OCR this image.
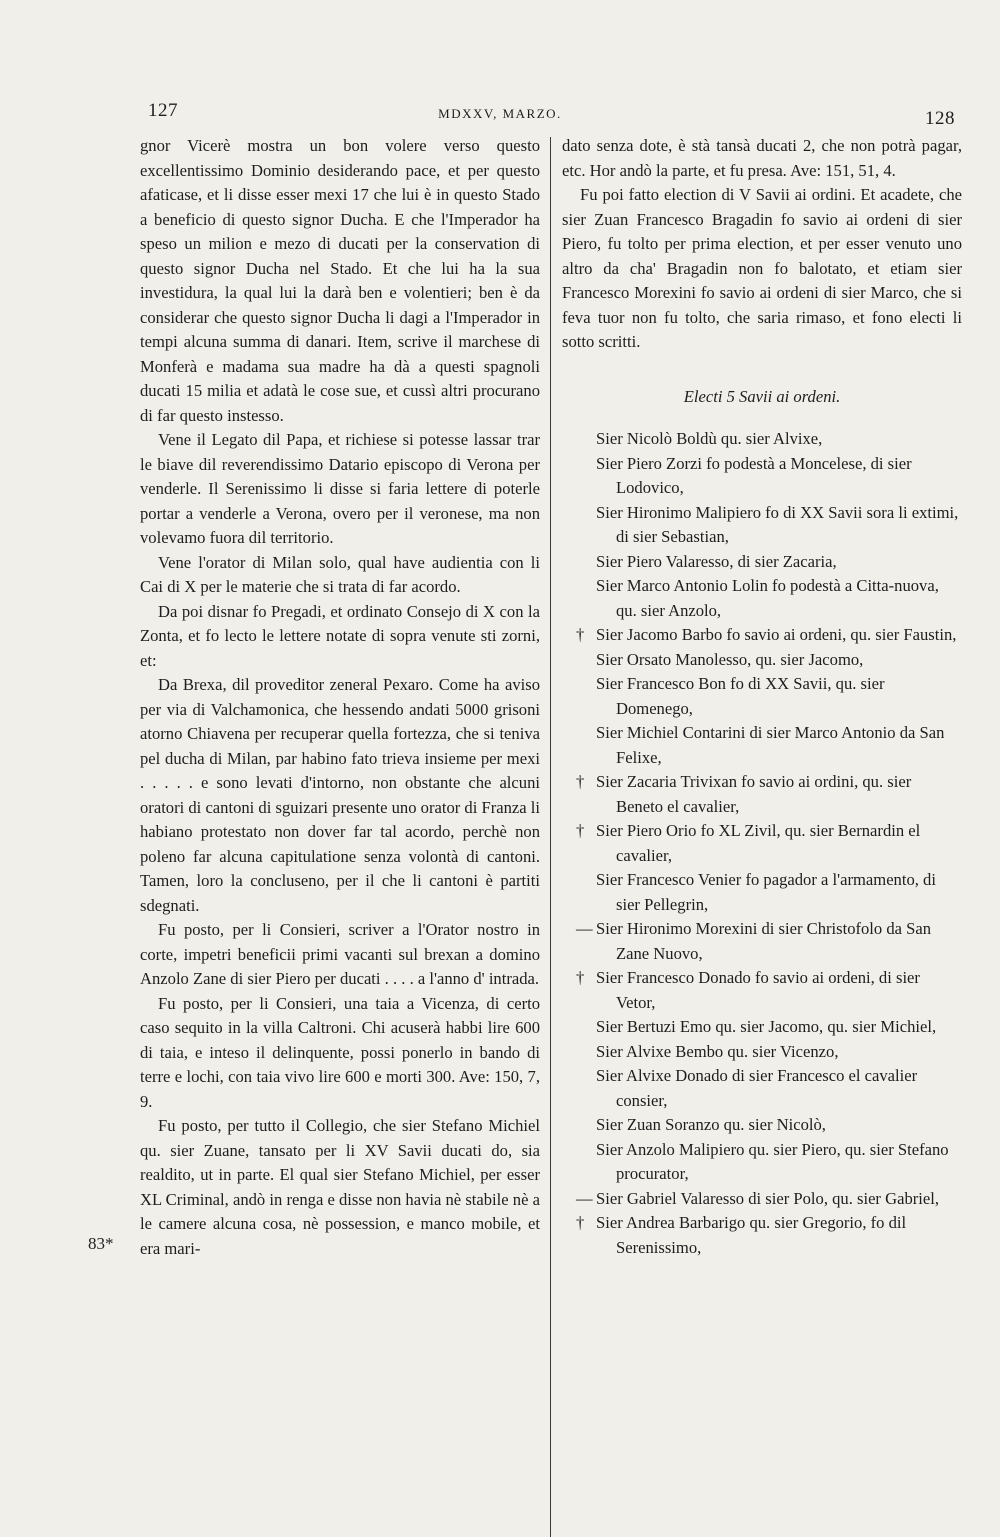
127	MDXXV, MARZO.	128
83*

gnor Vicerè mostra un bon volere verso questo excellentissimo Dominio desiderando pace, et per questo afaticase, et li disse esser mexi 17 che lui è in questo Stado a beneficio di questo signor Ducha. E che l'Imperador ha speso un milion e mezo di ducati per la conservation di questo signor Ducha nel Stado. Et che lui ha la sua investidura, la qual lui la darà ben e volentieri; ben è da considerar che questo signor Ducha li dagi a l'Imperador in tempi alcuna summa di danari. Item, scrive il marchese di Monferà e madama sua madre ha dà a questi spagnoli ducati 15 milia et adatà le cose sue, et cussì altri procurano di far questo instesso.

Vene il Legato dil Papa, et richiese si potesse lassar trar le biave dil reverendissimo Datario episcopo di Verona per venderle. Il Serenissimo li disse si faria lettere di poterle portar a venderle a Verona, overo per il veronese, ma non volevamo fuora dil territorio.

Vene l'orator di Milan solo, qual have audientia con li Cai di X per le materie che si trata di far acordo.

Da poi disnar fo Pregadi, et ordinato Consejo di X con la Zonta, et fo lecto le lettere notate di sopra venute sti zorni, et:

Da Brexa, dil proveditor zeneral Pexaro. Come ha aviso per via di Valchamonica, che hessendo andati 5000 grisoni atorno Chiavena per recuperar quella fortezza, che si teniva pel ducha di Milan, par habino fato trieva insieme per mexi . . . . . e sono levati d'intorno, non obstante che alcuni oratori di cantoni di sguizari presente uno orator di Franza li habiano protestato non dover far tal acordo, perchè non poleno far alcuna capitulatione senza volontà di cantoni. Tamen, loro la concluseno, per il che li cantoni è partiti sdegnati.

Fu posto, per li Consieri, scriver a l'Orator nostro in corte, impetri beneficii primi vacanti sul brexan a domino Anzolo Zane di sier Piero per ducati . . . . a l'anno d' intrada.

Fu posto, per li Consieri, una taia a Vicenza, di certo caso sequito in la villa Caltroni. Chi acuserà habbi lire 600 di taia, e inteso il delinquente, possi ponerlo in bando di terre e lochi, con taia vivo lire 600 e morti 300. Ave: 150, 7, 9.

Fu posto, per tutto il Collegio, che sier Stefano Michiel qu. sier Zuane, tansato per li XV Savii ducati do, sia realdito, ut in parte. El qual sier Stefano Michiel, per esser XL Criminal, andò in renga e disse non havia nè stabile nè a le camere alcuna cosa, nè possession, e manco mobile, et era mari-

dato senza dote, è stà tansà ducati 2, che non potrà pagar, etc. Hor andò la parte, et fu presa. Ave: 151, 51, 4.

Fu poi fatto election di V Savii ai ordini. Et acadete, che sier Zuan Francesco Bragadin fo savio ai ordeni di sier Piero, fu tolto per prima election, et per esser venuto uno altro da cha' Bragadin non fo balotato, et etiam sier Francesco Morexini fo savio ai ordeni di sier Marco, che si feva tuor non fu tolto, che saria rimaso, et fono electi li sotto scritti.

Electi 5 Savii ai ordeni.
Sier Nicolò Boldù qu. sier Alvixe,
Sier Piero Zorzi fo podestà a Moncelese, di sier Lodovico,
Sier Hironimo Malipiero fo di XX Savii sora li extimi, di sier Sebastian,
Sier Piero Valaresso, di sier Zacaria,
Sier Marco Antonio Lolin fo podestà a Citta-nuova, qu. sier Anzolo,
† Sier Jacomo Barbo fo savio ai ordeni, qu. sier Faustin,
Sier Orsato Manolesso, qu. sier Jacomo,
Sier Francesco Bon fo di XX Savii, qu. sier Domenego,
Sier Michiel Contarini di sier Marco Antonio da San Felixe,
† Sier Zacaria Trivixan fo savio ai ordini, qu. sier Beneto el cavalier,
† Sier Piero Orio fo XL Zivil, qu. sier Bernardin el cavalier,
Sier Francesco Venier fo pagador a l'armamento, di sier Pellegrin,
— Sier Hironimo Morexini di sier Christofolo da San Zane Nuovo,
† Sier Francesco Donado fo savio ai ordeni, di sier Vetor,
Sier Bertuzi Emo qu. sier Jacomo, qu. sier Michiel,
Sier Alvixe Bembo qu. sier Vicenzo,
Sier Alvixe Donado di sier Francesco el cavalier consier,
Sier Zuan Soranzo qu. sier Nicolò,
Sier Anzolo Malipiero qu. sier Piero, qu. sier Stefano procurator,
— Sier Gabriel Valaresso di sier Polo, qu. sier Gabriel,
† Sier Andrea Barbarigo qu. sier Gregorio, fo dil Serenissimo,
